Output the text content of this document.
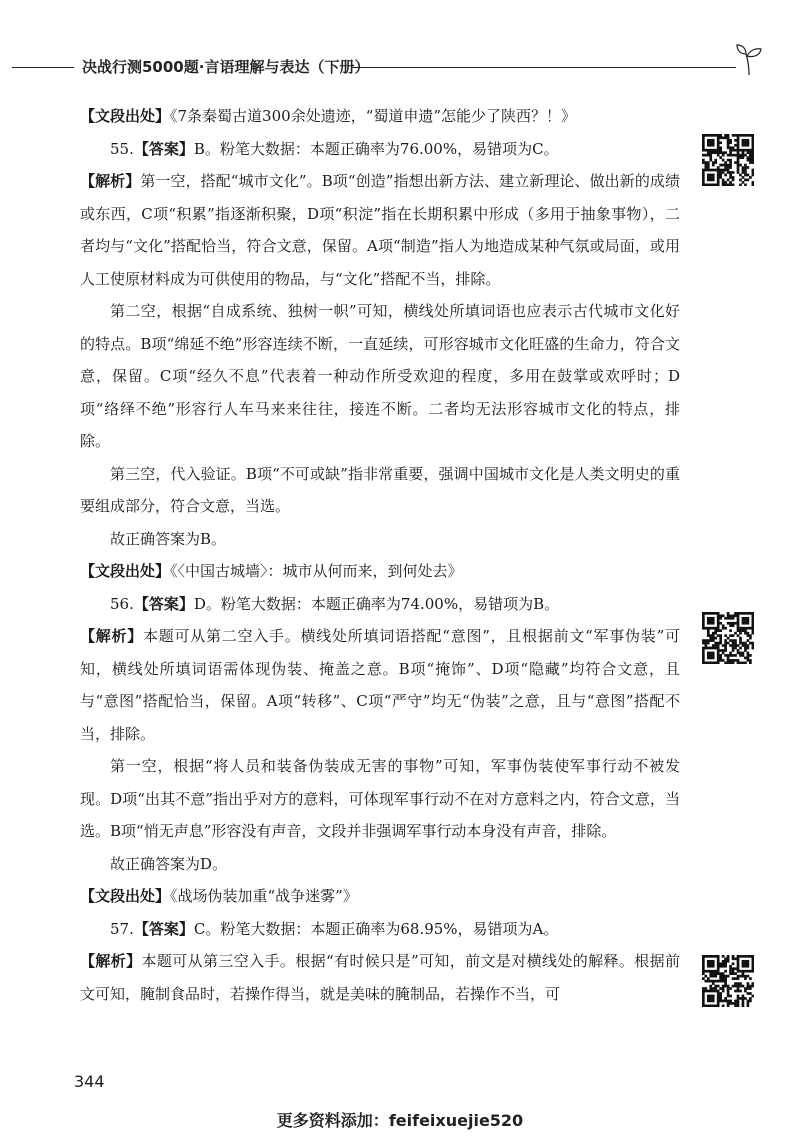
决战行测5000题·言语理解与表达（下册）

【文段出处】《7条秦蜀古道300余处遗迹，“蜀道申遗”怎能少了陕西？！》

55.【答案】B。粉笔大数据：本题正确率为76.00%，易错项为C。

【解析】第一空，搭配“城市文化”。B项“创造”指想出新方法、建立新理论、做出新的成绩或东西，C项“积累”指逐渐积聚，D项“积淀”指在长期积累中形成（多用于抽象事物），二者均与“文化”搭配恰当，符合文意，保留。A项“制造”指人为地造成某种气氛或局面，或用人工使原材料成为可供使用的物品，与“文化”搭配不当，排除。

第二空，根据“自成系统、独树一帜”可知，横线处所填词语也应表示古代城市文化好的特点。B项“绵延不绝”形容连续不断，一直延续，可形容城市文化旺盛的生命力，符合文意，保留。C项“经久不息”代表着一种动作所受欢迎的程度，多用在鼓掌或欢呼时；D项“络绎不绝”形容行人车马来来往往，接连不断。二者均无法形容城市文化的特点，排除。

第三空，代入验证。B项“不可或缺”指非常重要，强调中国城市文化是人类文明史的重要组成部分，符合文意，当选。

故正确答案为B。

【文段出处】《〈中国古城墙〉：城市从何而来，到何处去》

56.【答案】D。粉笔大数据：本题正确率为74.00%，易错项为B。

【解析】本题可从第二空入手。横线处所填词语搭配“意图”，且根据前文“军事伪装”可知，横线处所填词语需体现伪装、掩盖之意。B项“掩饰”、D项“隐藏”均符合文意，且与“意图”搭配恰当，保留。A项“转移”、C项“严守”均无“伪装”之意，且与“意图”搭配不当，排除。

第一空，根据“将人员和装备伪装成无害的事物”可知，军事伪装使军事行动不被发现。D项“出其不意”指出乎对方的意料，可体现军事行动不在对方意料之内，符合文意，当选。B项“悄无声息”形容没有声音，文段并非强调军事行动本身没有声音，排除。

故正确答案为D。

【文段出处】《战场伪装加重“战争迷雾”》

57.【答案】C。粉笔大数据：本题正确率为68.95%，易错项为A。

【解析】本题可从第三空入手。根据“有时候只是”可知，前文是对横线处的解释。根据前文可知，腌制食品时，若操作得当，就是美味的腌制品，若操作不当，可

344
更多资料添加：feifeixuejie520
